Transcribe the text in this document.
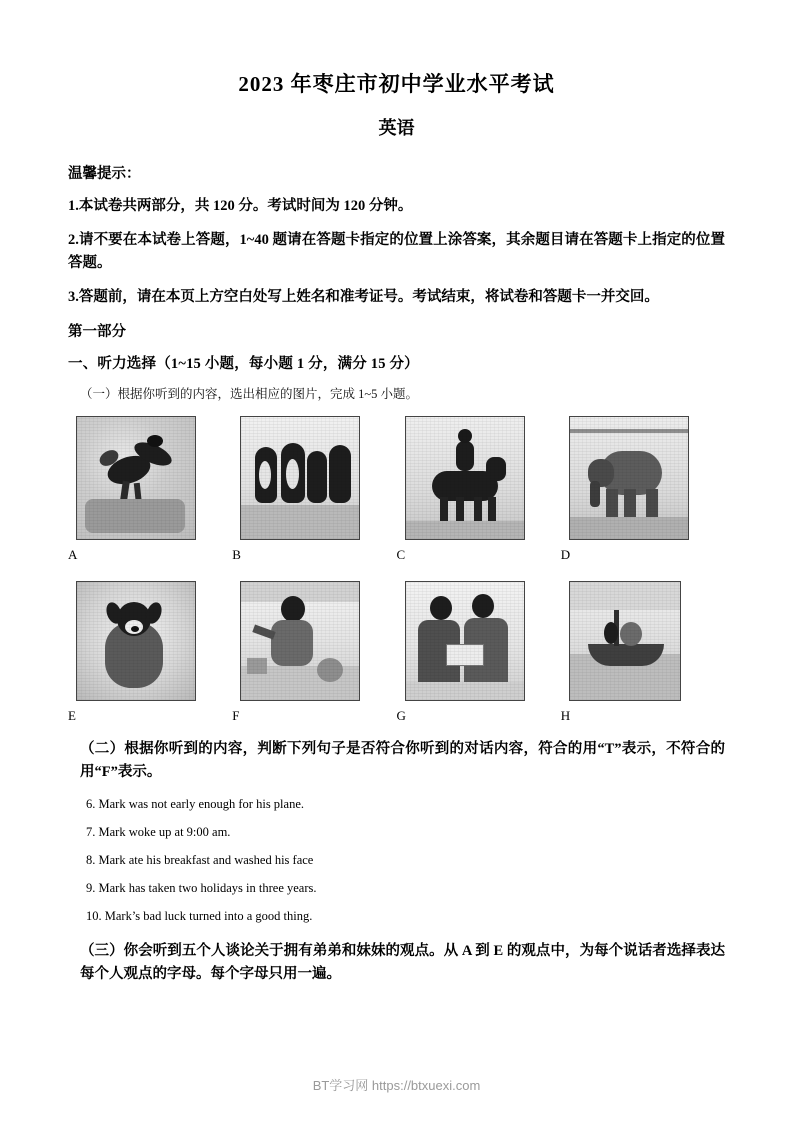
2023 年枣庄市初中学业水平考试
英语
温馨提示：
1.本试卷共两部分，共 120 分。考试时间为 120 分钟。
2.请不要在本试卷上答题，1~40 题请在答题卡指定的位置上涂答案，其余题目请在答题卡上指定的位置答题。
3.答题前，请在本页上方空白处写上姓名和准考证号。考试结束，将试卷和答题卡一并交回。
第一部分
一、听力选择（1~15 小题，每小题 1 分，满分 15 分）
（一）根据你听到的内容，选出相应的图片，完成 1~5 小题。
A	B	C	D
E	F	G	H
（二）根据你听到的内容，判断下列句子是否符合你听到的对话内容，符合的用“T”表示，不符合的用“F”表示。
6. Mark was not early enough for his plane.
7. Mark woke up at 9:00 am.
8. Mark ate his breakfast and washed his face
9. Mark has taken two holidays in three years.
10. Mark’s bad luck turned into a good thing.
（三）你会听到五个人谈论关于拥有弟弟和妹妹的观点。从 A 到 E 的观点中，为每个说话者选择表达每个人观点的字母。每个字母只用一遍。
BT学习网 https://btxuexi.com
